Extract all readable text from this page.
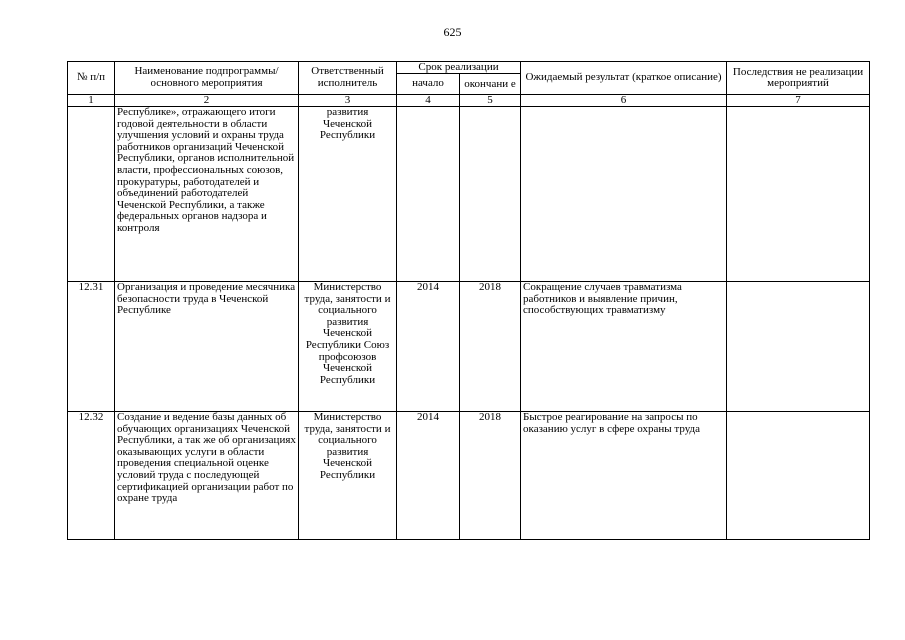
625
№ п/п	Наименование подпрограммы/ основного мероприятия	Ответственный исполнитель	Срок реализации		Ожидаемый результат (краткое описание)	Последствия не реализации мероприятий
			начало	окончани е		
1	2	3	4	5	6	7
	Республике», отражающего итоги годовой деятельности в области улучшения условий и охраны труда работников организаций Чеченской Республики, органов исполнительной власти, профессиональных союзов, прокуратуры, работодателей и объединений работодателей Чеченской Республики, а также федеральных органов надзора и контроля	развития Чеченской Республики				
12.31	Организация и проведение месячника безопасности труда в Чеченской Республике	Министерство труда, занятости и социального развития Чеченской Республики Союз профсоюзов Чеченской Республики	2014	2018	Сокращение случаев травматизма работников и выявление причин, способствующих травматизму	
12.32	Создание и ведение базы данных об обучающих организациях Чеченской Республики, а так же об организациях оказывающих услуги в области проведения специальной оценке условий труда с последующей сертификацией организации работ по охране труда	Министерство труда, занятости и социального развития Чеченской Республики	2014	2018	Быстрое реагирование на запросы по оказанию услуг в сфере охраны труда	
